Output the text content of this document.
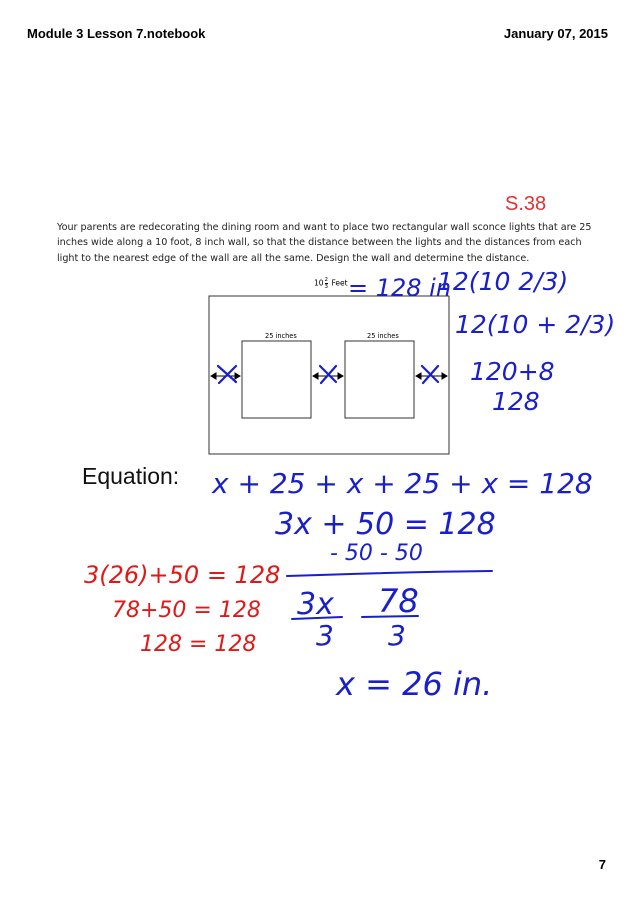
Module 3 Lesson 7.notebook	January 07, 2015
S.38
Your parents are redecorating the dining room and want to place two rectangular wall sconce lights that are 25 inches wide along a 10 foot, 8 inch wall, so that the distance between the lights and the distances from each light to the nearest edge of the wall are all the same. Design the wall and determine the distance.
$10 \frac{2}{3}$ Feet
25 inches	25 inches
Equation:
7
= 128 in
12(10 2/3)
12(10 + 2/3)
120+8
128
x + 25 + x + 25 + x = 128
3x + 50 = 128
- 50 - 50
3x 78
3 3
x = 26 in.
3(26)+50 = 128
78+50 = 128
128 = 128
